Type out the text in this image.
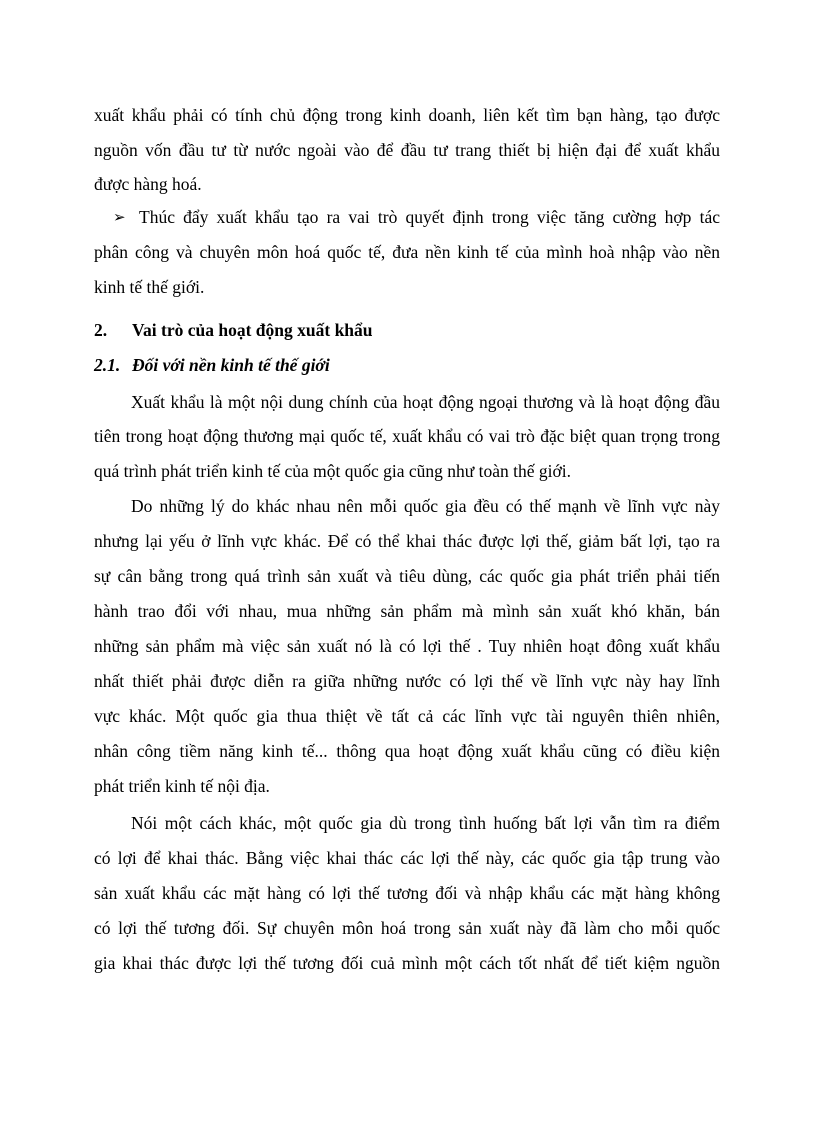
xuất khẩu phải có tính chủ động trong kinh doanh, liên kết tìm bạn hàng, tạo được
nguồn vốn đầu tư từ nước ngoài vào để đầu tư trang thiết bị hiện đại để xuất khẩu
được hàng hoá.
➢ Thúc đẩy xuất khẩu tạo ra vai trò quyết định trong việc tăng cường hợp tác
phân công và chuyên môn hoá quốc tế, đưa nền kinh tế của mình hoà nhập vào nền
kinh tế thế giới.
2.	Vai trò của hoạt động xuất khẩu
2.1. Đối với nền kinh tế thế giới
Xuất khẩu là một nội dung chính của hoạt động ngoại thương và là hoạt động đầu
tiên trong hoạt động thương mại quốc tế, xuất khẩu có vai trò đặc biệt quan trọng trong
quá trình phát triển kinh tế của một quốc gia cũng như toàn thế giới.
Do những lý do khác nhau nên mỗi quốc gia đều có thế mạnh về lĩnh vực này
nhưng lại yếu ở lĩnh vực khác. Để có thể khai thác được lợi thế, giảm bất lợi, tạo ra
sự cân bằng trong quá trình sản xuất và tiêu dùng, các quốc gia phát triển phải tiến
hành trao đổi với nhau, mua những sản phẩm mà mình sản xuất khó khăn, bán
những sản phẩm mà việc sản xuất nó là có lợi thế . Tuy nhiên hoạt đông xuất khẩu
nhất thiết phải được diễn ra giữa những nước có lợi thế về lĩnh vực này hay lĩnh
vực khác. Một quốc gia thua thiệt về tất cả các lĩnh vực tài nguyên thiên nhiên,
nhân công tiềm năng kinh tế... thông qua hoạt động xuất khẩu cũng có điều kiện
phát triển kinh tế nội địa.
Nói một cách khác, một quốc gia dù trong tình huống bất lợi vẫn tìm ra điểm
có lợi để khai thác. Bằng việc khai thác các lợi thế này, các quốc gia tập trung vào
sản xuất khẩu các mặt hàng có lợi thế tương đối và nhập khẩu các mặt hàng không
có lợi thế tương đối. Sự chuyên môn hoá trong sản xuất này đã làm cho mỗi quốc
gia khai thác được lợi thế tương đối cuả mình một cách tốt nhất để tiết kiệm nguồn
